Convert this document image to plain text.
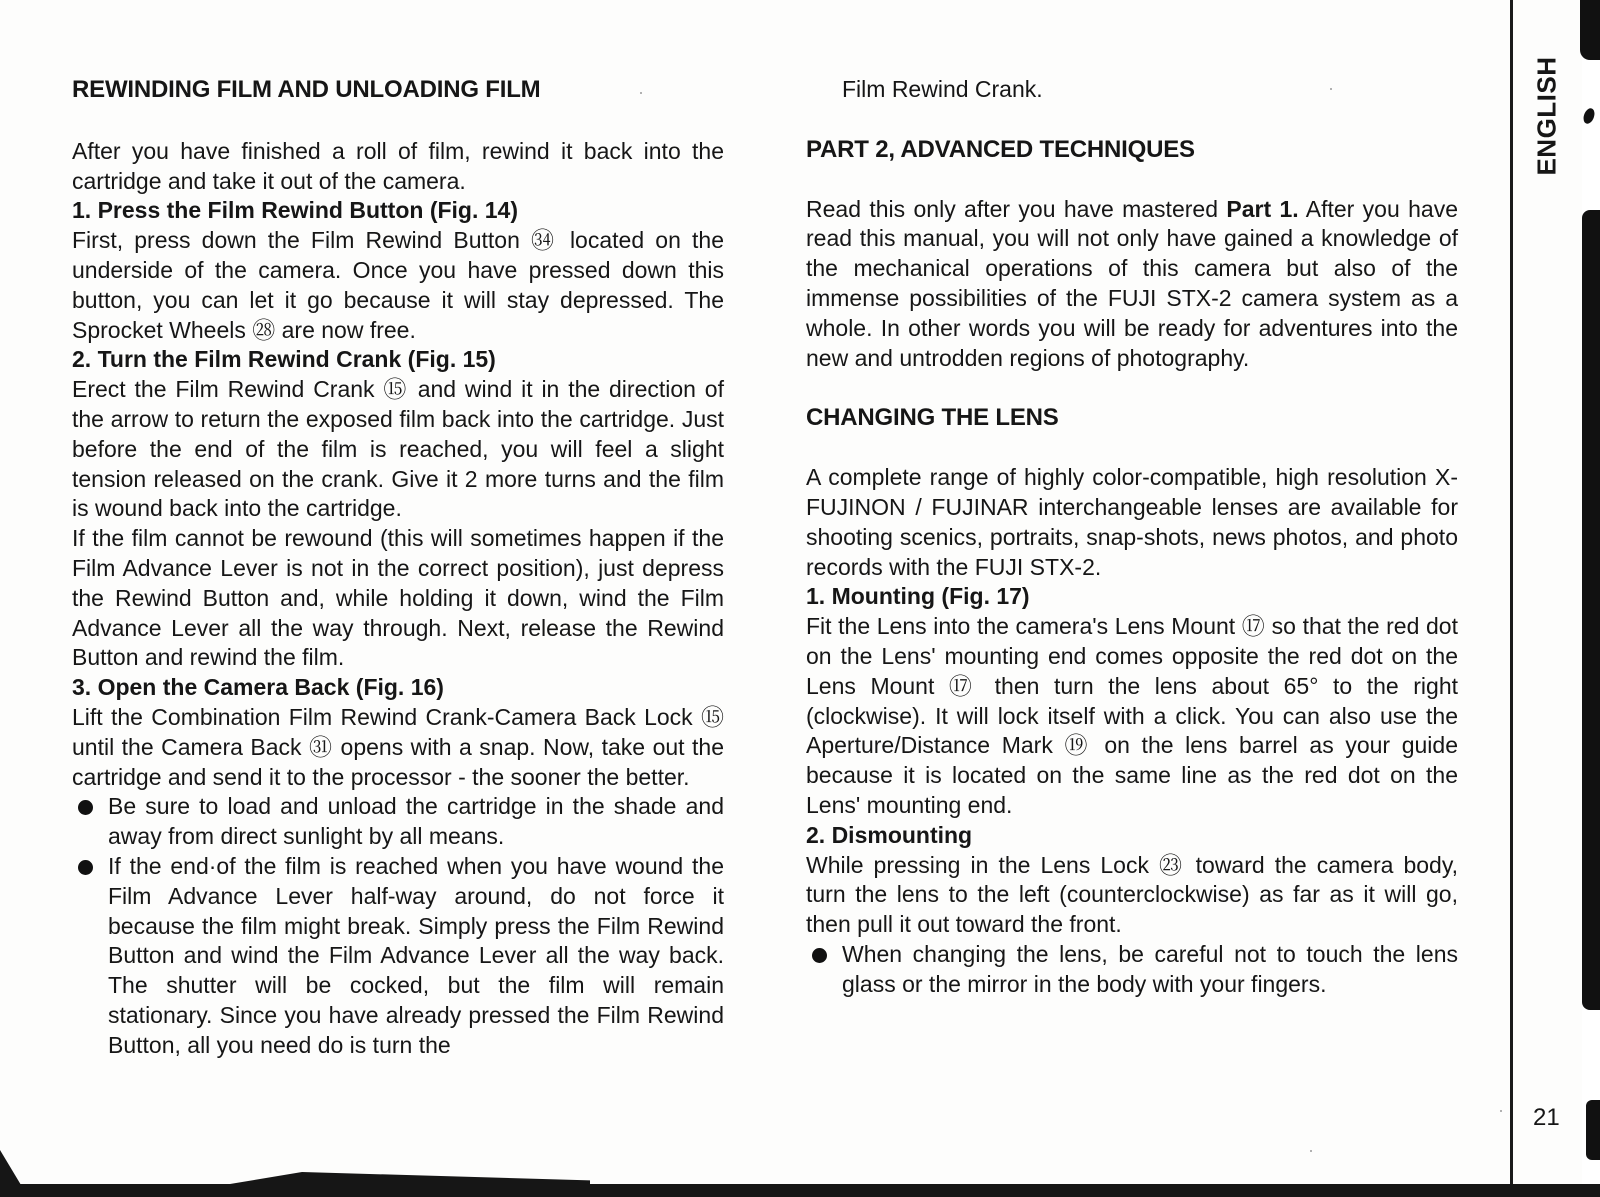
REWINDING FILM AND UNLOADING FILM

After you have finished a roll of film, rewind it back into the cartridge and take it out of the camera.

1. Press the Film Rewind Button (Fig. 14)

First, press down the Film Rewind Button ㉞ located on the underside of the camera. Once you have pressed down this button, you can let it go because it will stay depressed. The Sprocket Wheels ㉘ are now free.

2. Turn the Film Rewind Crank (Fig. 15)

Erect the Film Rewind Crank ⑮ and wind it in the direction of the arrow to return the exposed film back into the cartridge. Just before the end of the film is reached, you will feel a slight tension released on the crank. Give it 2 more turns and the film is wound back into the cartridge.

If the film cannot be rewound (this will sometimes happen if the Film Advance Lever is not in the correct position), just depress the Rewind Button and, while holding it down, wind the Film Advance Lever all the way through. Next, release the Rewind Button and rewind the film.

3. Open the Camera Back (Fig. 16)

Lift the Combination Film Rewind Crank-Camera Back Lock ⑮ until the Camera Back ㉛ opens with a snap. Now, take out the cartridge and send it to the processor - the sooner the better.

Be sure to load and unload the cartridge in the shade and away from direct sunlight by all means.
If the end·of the film is reached when you have wound the Film Advance Lever half-way around, do not force it because the film might break. Simply press the Film Rewind Button and wind the Film Advance Lever all the way back. The shutter will be cocked, but the film will remain stationary. Since you have already pressed the Film Rewind Button, all you need do is turn the

Film Rewind Crank.

PART 2, ADVANCED TECHNIQUES

Read this only after you have mastered Part 1. After you have read this manual, you will not only have gained a knowledge of the mechanical operations of this camera but also of the immense possibilities of the FUJI STX-2 camera system as a whole. In other words you will be ready for adventures into the new and untrodden regions of photography.

CHANGING THE LENS

A complete range of highly color-compatible, high resolution X-FUJINON / FUJINAR interchangeable lenses are available for shooting scenics, portraits, snap-shots, news photos, and photo records with the FUJI STX-2.

1. Mounting (Fig. 17)

Fit the Lens into the camera's Lens Mount ⑰ so that the red dot on the Lens' mounting end comes opposite the red dot on the Lens Mount ⑰ then turn the lens about 65° to the right (clockwise). It will lock itself with a click. You can also use the Aperture/Distance Mark ⑲ on the lens barrel as your guide because it is located on the same line as the red dot on the Lens' mounting end.

2. Dismounting

While pressing in the Lens Lock ㉓ toward the camera body, turn the lens to the left (counterclockwise) as far as it will go, then pull it out toward the front.

When changing the lens, be careful not to touch the lens glass or the mirror in the body with your fingers.
ENGLISH
21
